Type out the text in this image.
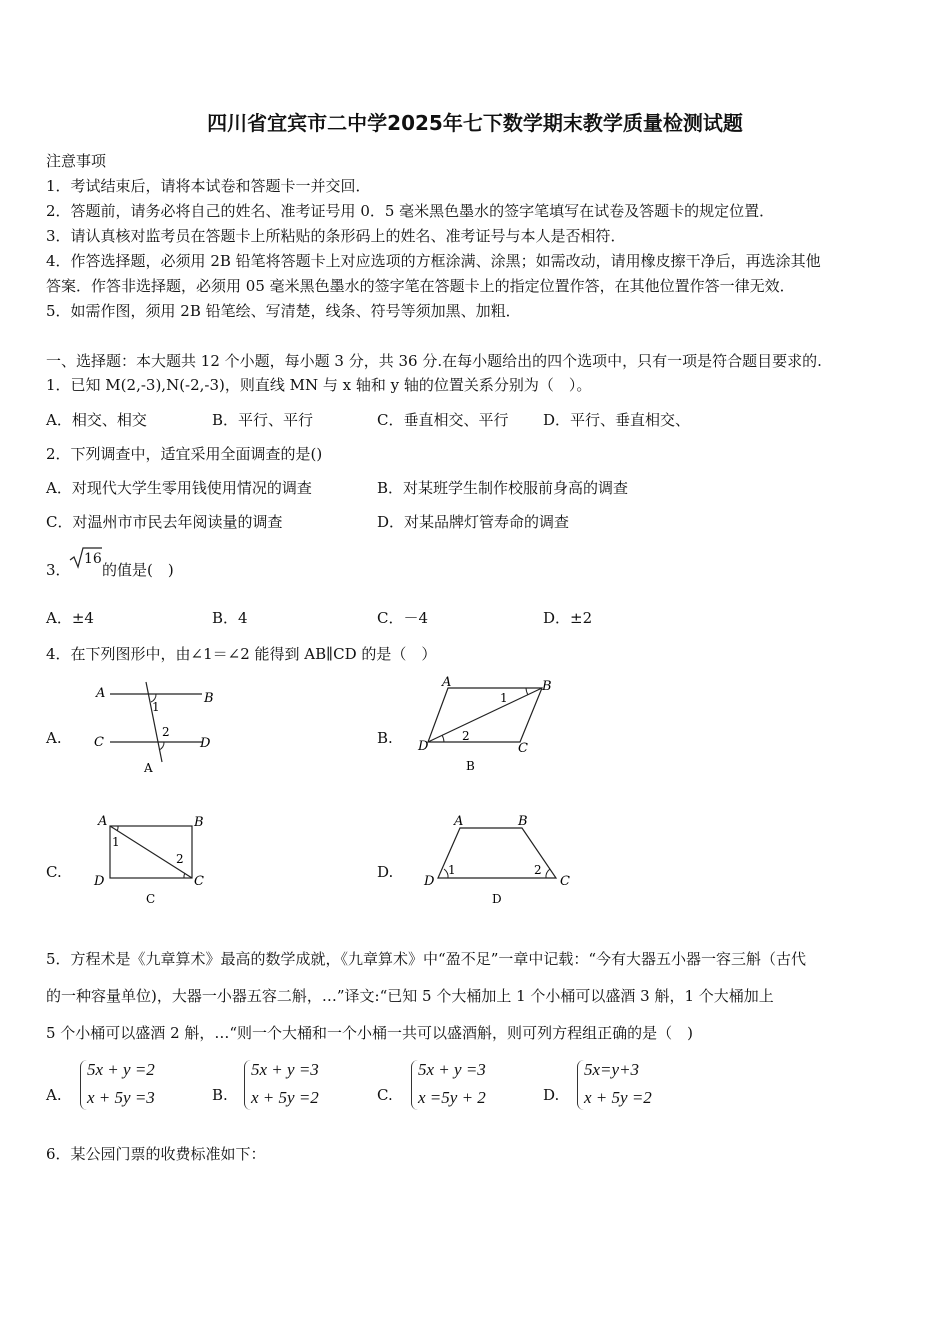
四川省宜宾市二中学2025年七下数学期末教学质量检测试题
注意事项
1．考试结束后，请将本试卷和答题卡一并交回．
2．答题前，请务必将自己的姓名、准考证号用 0．5 毫米黑色墨水的签字笔填写在试卷及答题卡的规定位置．
3．请认真核对监考员在答题卡上所粘贴的条形码上的姓名、准考证号与本人是否相符．
4．作答选择题，必须用 2B 铅笔将答题卡上对应选项的方框涂满、涂黑；如需改动，请用橡皮擦干净后，再选涂其他
答案．作答非选择题，必须用 05 毫米黑色墨水的签字笔在答题卡上的指定位置作答，在其他位置作答一律无效．
5．如需作图，须用 2B 铅笔绘、写清楚，线条、符号等须加黑、加粗．
一、选择题：本大题共 12 个小题，每小题 3 分，共 36 分.在每小题给出的四个选项中，只有一项是符合题目要求的.
1．已知 M(2,-3),N(-2,-3)，则直线 MN 与 x 轴和 y 轴的位置关系分别为（　）。
A．相交、相交	B．平行、平行	C．垂直相交、平行 D．平行、垂直相交、
2．下列调查中，适宜采用全面调查的是()
A．对现代大学生零用钱使用情况的调查	B．对某班学生制作校服前身高的调查
C．对温州市市民去年阅读量的调查	D．对某品牌灯管寿命的调查
3．
16
的值是(　)
A．±4	B．4	C．－4	D．±2
4．在下列图形中，由∠1＝∠2 能得到 AB∥CD 的是（　）
A.
A	B
C	D
1
2
A
B.
A	B
D	C
1
2
B
C.
A	B
D	C
1
2
C
D.
A	B
D	C
1	2
D
5．方程术是《九章算术》最高的数学成就，《九章算术》中“盈不足”一章中记载：“今有大器五小器一容三斛（古代
的一种容量单位)，大器一小器五容二斛，…”译文:“已知 5 个大桶加上 1 个小桶可以盛酒 3 斛，1 个大桶加上
5 个小桶可以盛酒 2 斛，…“则一个大桶和一个小桶一共可以盛酒斛，则可列方程组正确的是（　)
A.
5x + y =2
x + 5y =3	B.
5x + y =3
x + 5y =2	C.
5x + y =3
x =5y + 2	D.
5x=y+3
x + 5y =2
6．某公园门票的收费标准如下：
